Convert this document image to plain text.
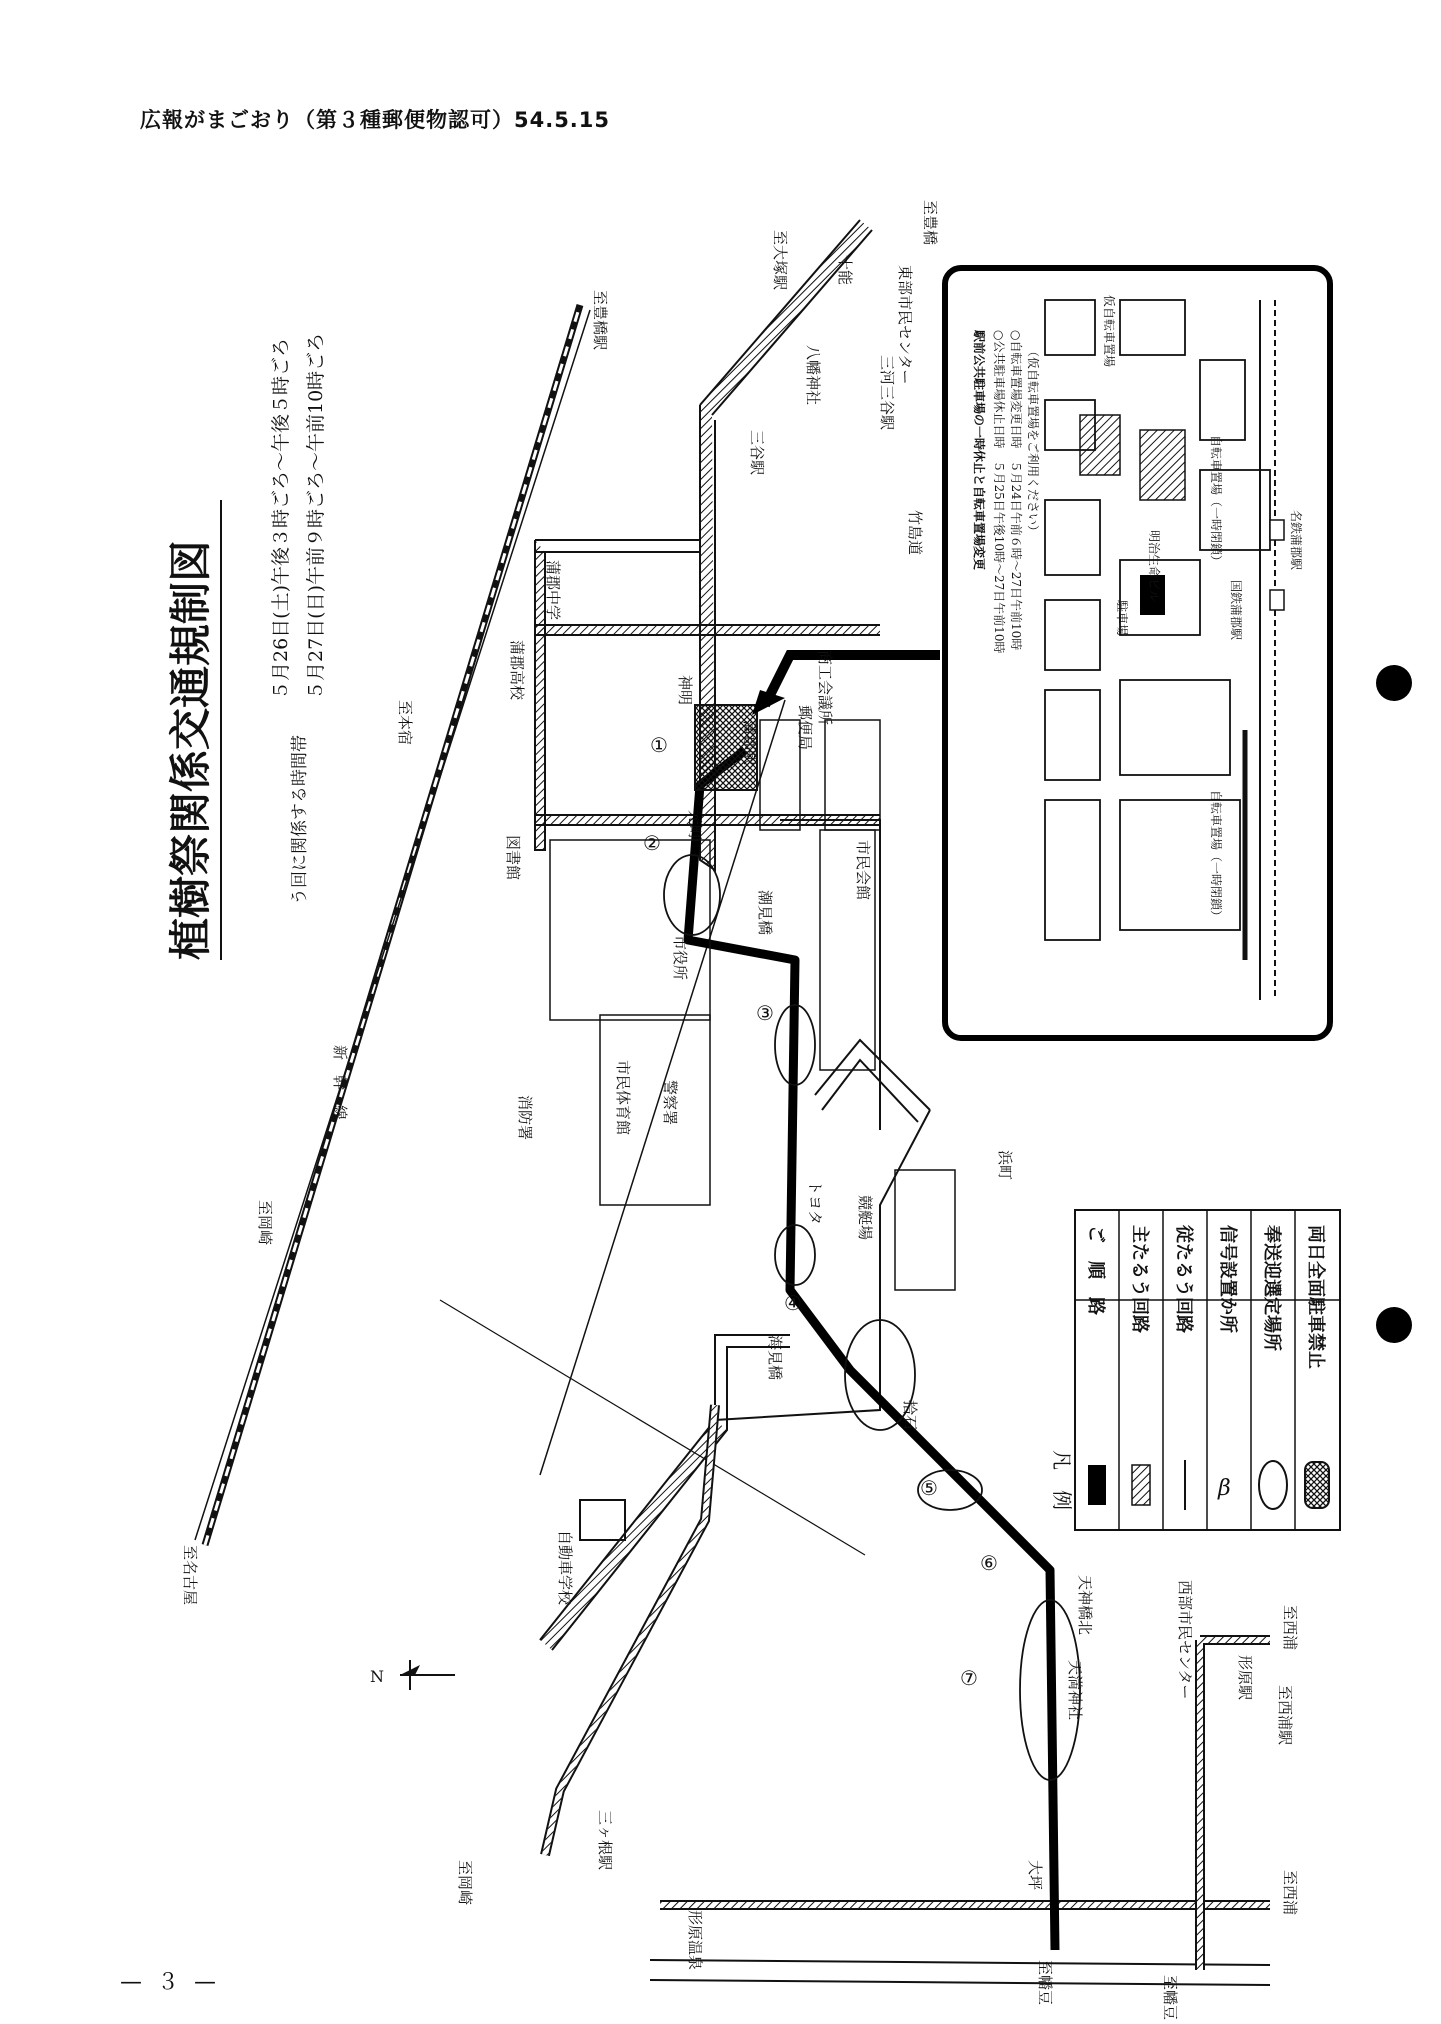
広報がまごおり（第３種郵便物認可）54.5.15
— ３ —
植樹祭関係交通規制図	う回に関係する時間帯
５月26日(土)午後３時ごろ～午後５時ごろ ５月27日(日)午前９時ごろ～午前10時ごろ
N
①
②
③
④
⑤
⑥
⑦
至豊橋
至豊橋駅
至大塚駅	十能
至本宿
至岡崎
至名古屋
至岡崎
至幡豆	至幡豆
至西浦
至西浦駅
至西浦
新　幹　線
蒲郡駅
三谷駅
三河三谷駅
蒲郡高校
蒲郡中学
図書館
市役所
市民体育館
消防署	警察署
市民会館
商工会議所
郵便局
神明
元町
潮見橋
海見橋
トヨタ 競艇場
拾石
浜町
竹島道
東部市民センター
八幡神社
天神橋北
天満神社
大坪
西部市民センター	形原駅
形原温泉
三ヶ根駅
自動車学校
駅前公共駐車場の一時休止と自転車置場変更 ○公共駐車場休止日時　５月25日午後10時～27日午前10時 ○自転車置場変更日時　５月24日午前６時～27日午前10時 （仮自転車置場をご利用ください）
仮自転車置場
自転車置場（一時閉鎖）
自転車置場（一時閉鎖）
駐車場
明治生命ビル
国鉄蒲郡駅
名鉄蒲郡駅
凡　例	β
ご　順　路 主たるう回路 従たるう回路 信号設置か所 奉送迎選定場所 両日全面駐車禁止
